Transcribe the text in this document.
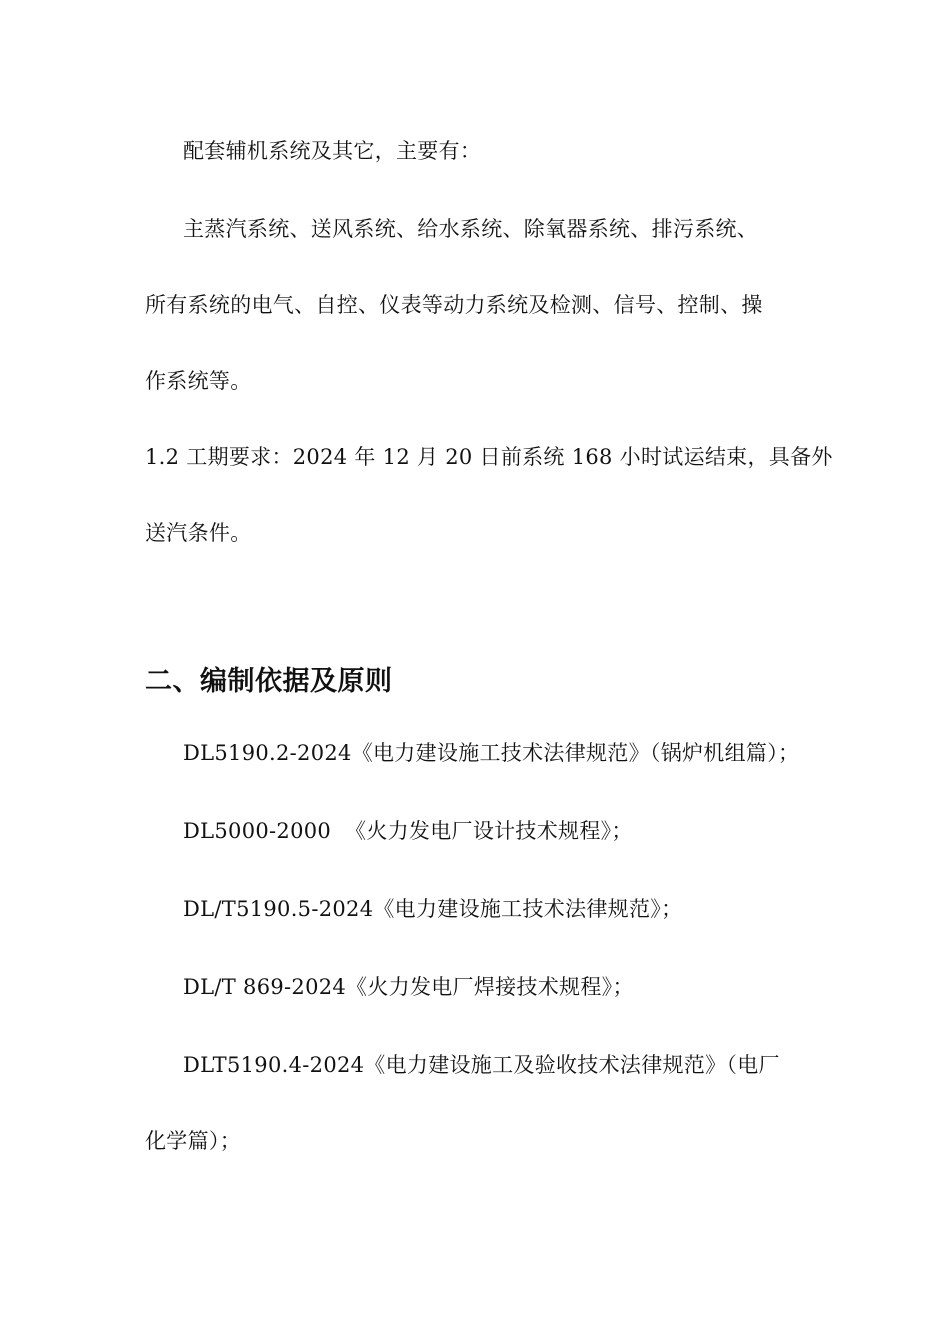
配套辅机系统及其它，主要有：
主蒸汽系统、送风系统、给水系统、除氧器系统、排污系统、
所有系统的电气、自控、仪表等动力系统及检测、信号、控制、操
作系统等。
1.2 工期要求：2024 年 12 月 20 日前系统 168 小时试运结束，具备外
送汽条件。
二、编制依据及原则
DL5190.2-2024《电力建设施工技术法律规范》（锅炉机组篇）；
DL5000-2000  《火力发电厂设计技术规程》；
DL/T5190.5-2024《电力建设施工技术法律规范》；
DL/T 869-2024《火力发电厂焊接技术规程》；
DLT5190.4-2024《电力建设施工及验收技术法律规范》（电厂
化学篇）；
